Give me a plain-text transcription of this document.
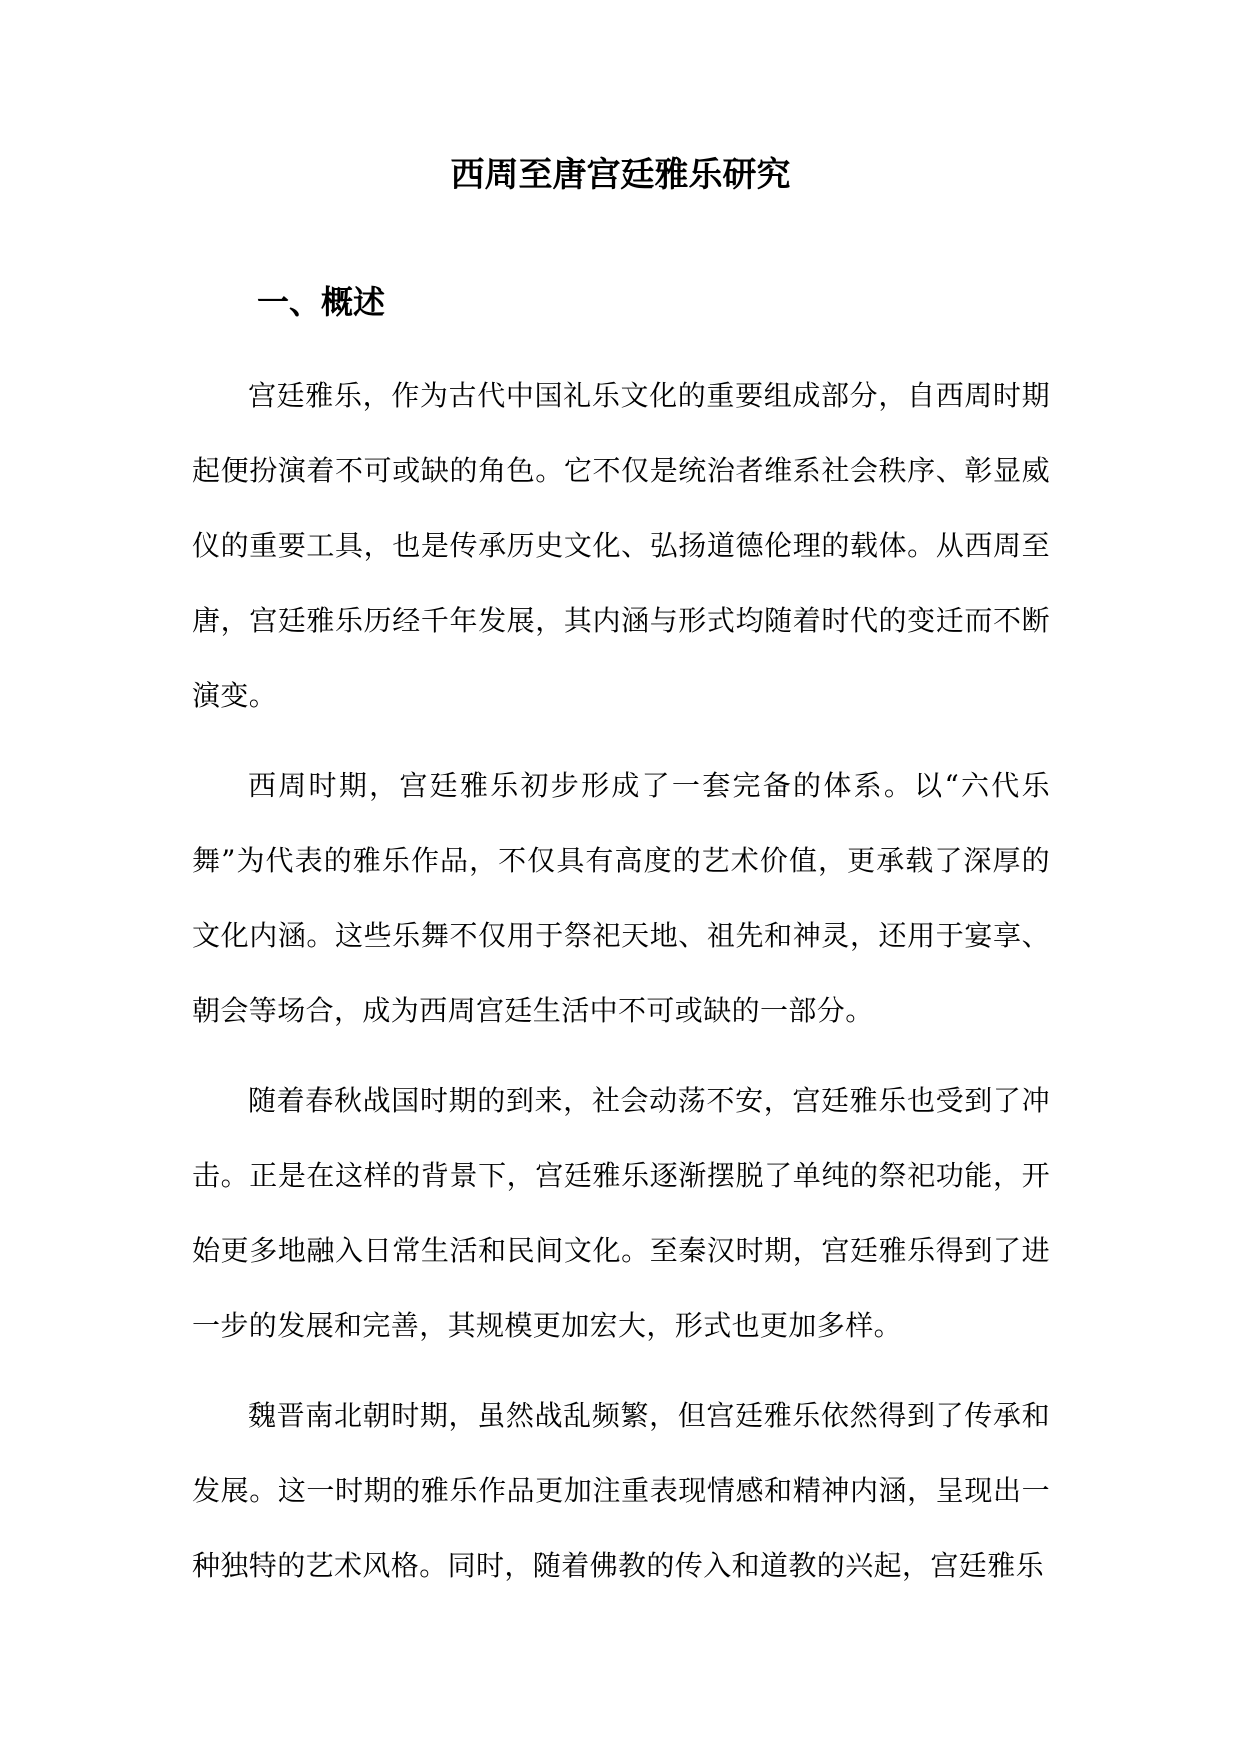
西周至唐宫廷雅乐研究
一、概述

宫廷雅乐，作为古代中国礼乐文化的重要组成部分，自西周时期起便扮演着不可或缺的角色。它不仅是统治者维系社会秩序、彰显威仪的重要工具，也是传承历史文化、弘扬道德伦理的载体。从西周至唐，宫廷雅乐历经千年发展，其内涵与形式均随着时代的变迁而不断演变。

西周时期，宫廷雅乐初步形成了一套完备的体系。以“六代乐舞”为代表的雅乐作品，不仅具有高度的艺术价值，更承载了深厚的文化内涵。这些乐舞不仅用于祭祀天地、祖先和神灵，还用于宴享、朝会等场合，成为西周宫廷生活中不可或缺的一部分。

随着春秋战国时期的到来，社会动荡不安，宫廷雅乐也受到了冲击。正是在这样的背景下，宫廷雅乐逐渐摆脱了单纯的祭祀功能，开始更多地融入日常生活和民间文化。至秦汉时期，宫廷雅乐得到了进一步的发展和完善，其规模更加宏大，形式也更加多样。

魏晋南北朝时期，虽然战乱频繁，但宫廷雅乐依然得到了传承和发展。这一时期的雅乐作品更加注重表现情感和精神内涵，呈现出一种独特的艺术风格。同时，随着佛教的传入和道教的兴起，宫廷雅乐
